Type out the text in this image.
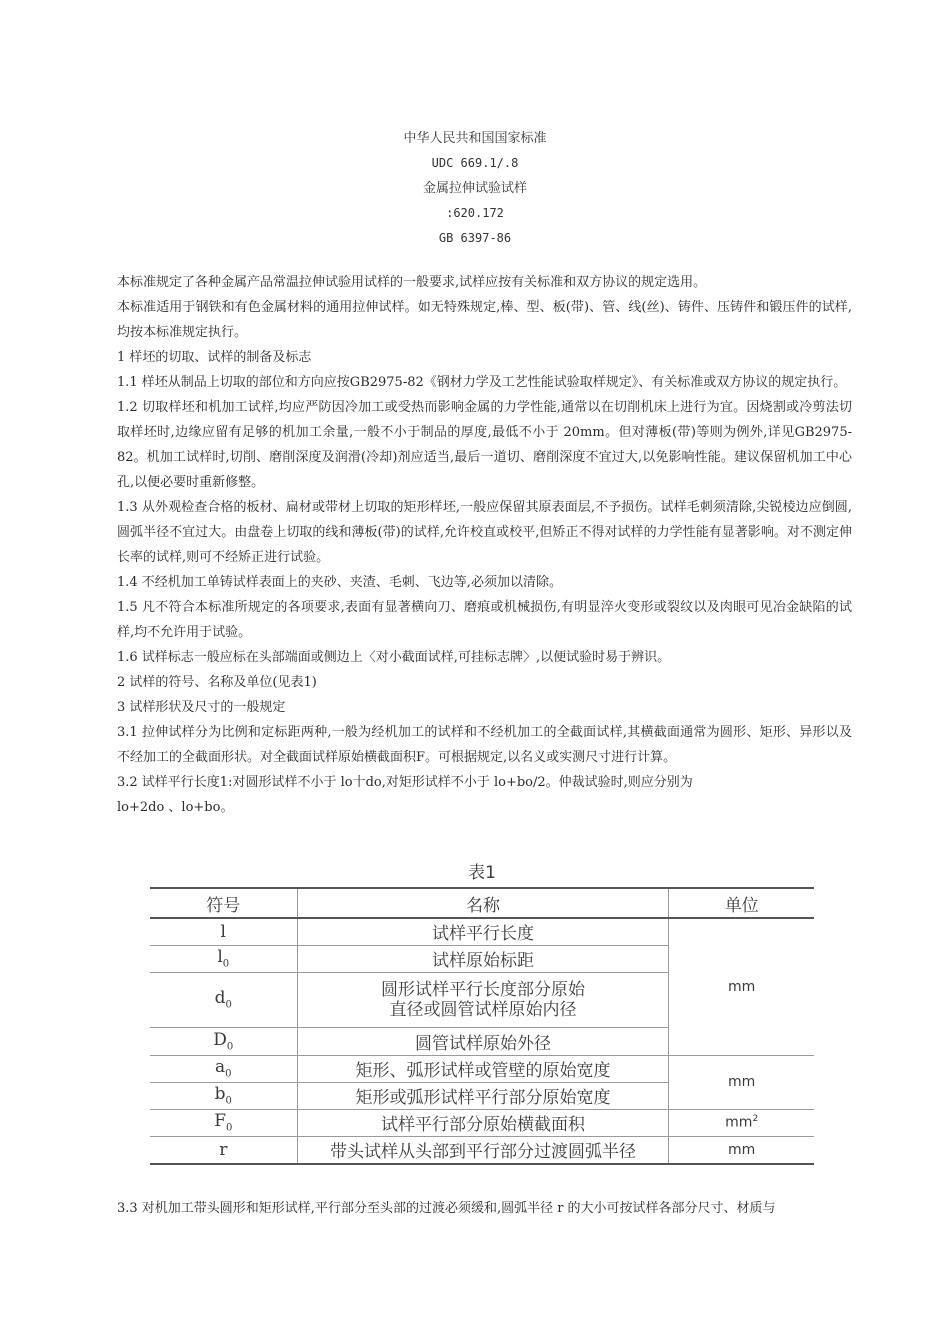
中华人民共和国国家标准
UDC 669.1/.8
金属拉伸试验试样
:620.172
GB 6397-86

本标准规定了各种金属产品常温拉伸试验用试样的一般要求,试样应按有关标准和双方协议的规定选用。

本标准适用于钢铁和有色金属材料的通用拉伸试样。如无特殊规定,棒、型、板(带)、管、线(丝)、铸件、压铸件和锻压件的试样,均按本标准规定执行。

1 样坯的切取、试样的制备及标志

1.1 样坯从制品上切取的部位和方向应按GB2975-82《钢材力学及工艺性能试验取样规定》、有关标准或双方协议的规定执行。

1.2 切取样坯和机加工试样,均应严防因冷加工或受热而影响金属的力学性能,通常以在切削机床上进行为宜。因烧割或冷剪法切取样坯时,边缘应留有足够的机加工余量,一般不小于制品的厚度,最低不小于 20mm。但对薄板(带)等则为例外,详见GB2975-82。机加工试样时,切削、磨削深度及润滑(冷却)剂应适当,最后一道切、磨削深度不宜过大,以免影响性能。建议保留机加工中心孔,以便必要时重新修整。

1.3 从外观检查合格的板材、扁材或带材上切取的矩形样坯,一般应保留其原表面层,不予损伤。试样毛刺须清除,尖锐棱边应倒圆,圆弧半径不宜过大。由盘卷上切取的线和薄板(带)的试样,允许校直或校平,但矫正不得对试样的力学性能有显著影响。对不测定伸长率的试样,则可不经矫正进行试验。

1.4 不经机加工单铸试样表面上的夹砂、夹渣、毛刺、飞边等,必须加以清除。

1.5 凡不符合本标准所规定的各项要求,表面有显著横向刀、磨痕或机械损伤,有明显淬火变形或裂纹以及肉眼可见冶金缺陷的试样,均不允许用于试验。

1.6 试样标志一般应标在头部端面或侧边上〈对小截面试样,可挂标志牌〉,以便试验时易于辨识。

2 试样的符号、名称及单位(见表1)

3 试样形状及尺寸的一般规定

3.1 拉伸试样分为比例和定标距两种,一般为经机加工的试样和不经机加工的全截面试样,其横截面通常为圆形、矩形、异形以及不经加工的全截面形状。对全截面试样原始横截面积F。可根据规定,以名义或实测尺寸进行计算。

3.2 试样平行长度1:对圆形试样不小于 lo十do,对矩形试样不小于 lo+bo/2。仲裁试验时,则应分别为

lo+2do 、lo+bo。

表1
符号	名称	单位
l	试样平行长度	mm
$l_0$	试样原始标距	
$d_0$	圆形试样平行长度部分原始
直径或圆管试样原始内径	

$D_0$	圆管试样原始外径	
$a_0$	矩形、弧形试样或管壁的原始宽度	mm
$b_0$	矩形或弧形试样平行部分原始宽度	
$F_0$	试样平行部分原始横截面积	$mm^2$
r	带头试样从头部到平行部分过渡圆弧半径	mm
3.3 对机加工带头圆形和矩形试样,平行部分至头部的过渡必须缓和,圆弧半径 r 的大小可按试样各部分尺寸、材质与
